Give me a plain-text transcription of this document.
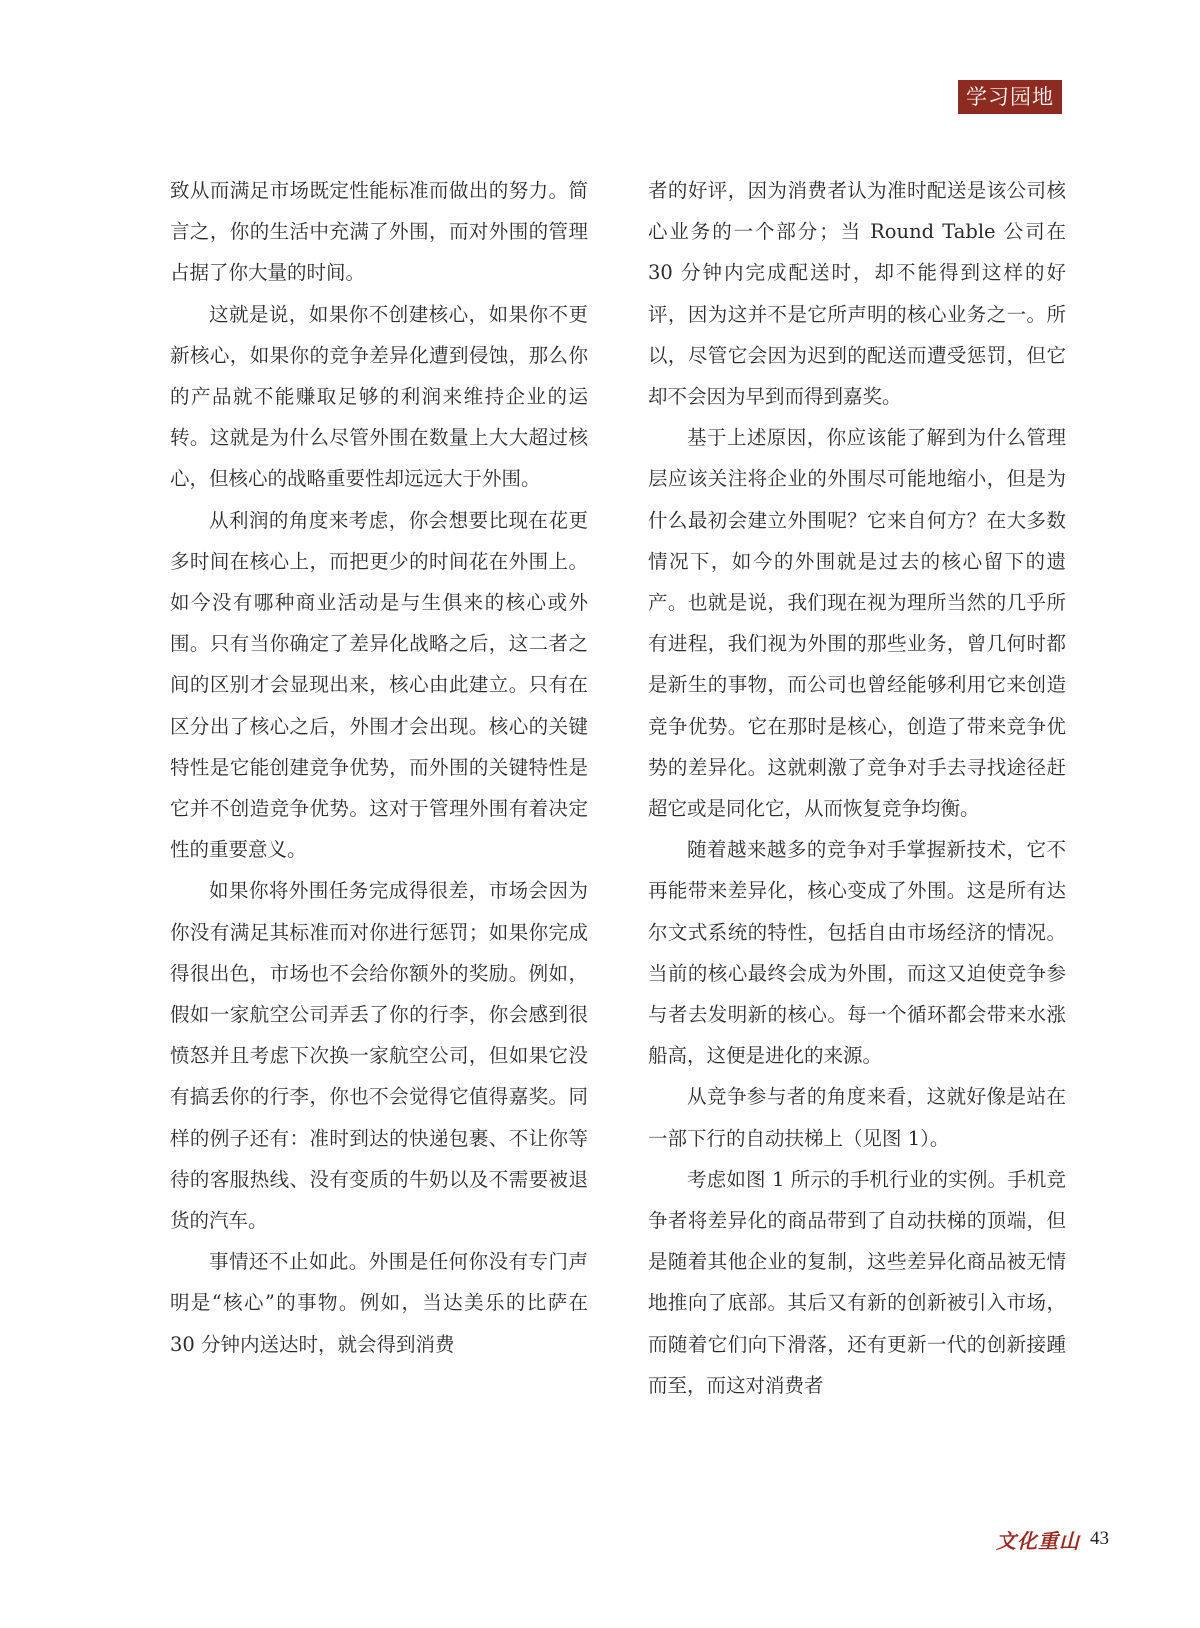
学习园地

致从而满足市场既定性能标准而做出的努力。简言之，你的生活中充满了外围，而对外围的管理占据了你大量的时间。

这就是说，如果你不创建核心，如果你不更新核心，如果你的竞争差异化遭到侵蚀，那么你的产品就不能赚取足够的利润来维持企业的运转。这就是为什么尽管外围在数量上大大超过核心，但核心的战略重要性却远远大于外围。

从利润的角度来考虑，你会想要比现在花更多时间在核心上，而把更少的时间花在外围上。如今没有哪种商业活动是与生俱来的核心或外围。只有当你确定了差异化战略之后，这二者之间的区别才会显现出来，核心由此建立。只有在区分出了核心之后，外围才会出现。核心的关键特性是它能创建竞争优势，而外围的关键特性是它并不创造竞争优势。这对于管理外围有着决定性的重要意义。

如果你将外围任务完成得很差，市场会因为你没有满足其标准而对你进行惩罚；如果你完成得很出色，市场也不会给你额外的奖励。例如，假如一家航空公司弄丢了你的行李，你会感到很愤怒并且考虑下次换一家航空公司，但如果它没有搞丢你的行李，你也不会觉得它值得嘉奖。同样的例子还有：准时到达的快递包裹、不让你等待的客服热线、没有变质的牛奶以及不需要被退货的汽车。

事情还不止如此。外围是任何你没有专门声明是“核心”的事物。例如，当达美乐的比萨在 30 分钟内送达时，就会得到消费

者的好评，因为消费者认为准时配送是该公司核心业务的一个部分；当 Round Table 公司在 30 分钟内完成配送时，却不能得到这样的好评，因为这并不是它所声明的核心业务之一。所以，尽管它会因为迟到的配送而遭受惩罚，但它却不会因为早到而得到嘉奖。

基于上述原因，你应该能了解到为什么管理层应该关注将企业的外围尽可能地缩小，但是为什么最初会建立外围呢？它来自何方？在大多数情况下，如今的外围就是过去的核心留下的遗产。也就是说，我们现在视为理所当然的几乎所有进程，我们视为外围的那些业务，曾几何时都是新生的事物，而公司也曾经能够利用它来创造竞争优势。它在那时是核心，创造了带来竞争优势的差异化。这就刺激了竞争对手去寻找途径赶超它或是同化它，从而恢复竞争均衡。

随着越来越多的竞争对手掌握新技术，它不再能带来差异化，核心变成了外围。这是所有达尔文式系统的特性，包括自由市场经济的情况。当前的核心最终会成为外围，而这又迫使竞争参与者去发明新的核心。每一个循环都会带来水涨船高，这便是进化的来源。

从竞争参与者的角度来看，这就好像是站在一部下行的自动扶梯上（见图 1）。

考虑如图 1 所示的手机行业的实例。手机竞争者将差异化的商品带到了自动扶梯的顶端，但是随着其他企业的复制，这些差异化商品被无情地推向了底部。其后又有新的创新被引入市场，而随着它们向下滑落，还有更新一代的创新接踵而至，而这对消费者

文化重山 43
